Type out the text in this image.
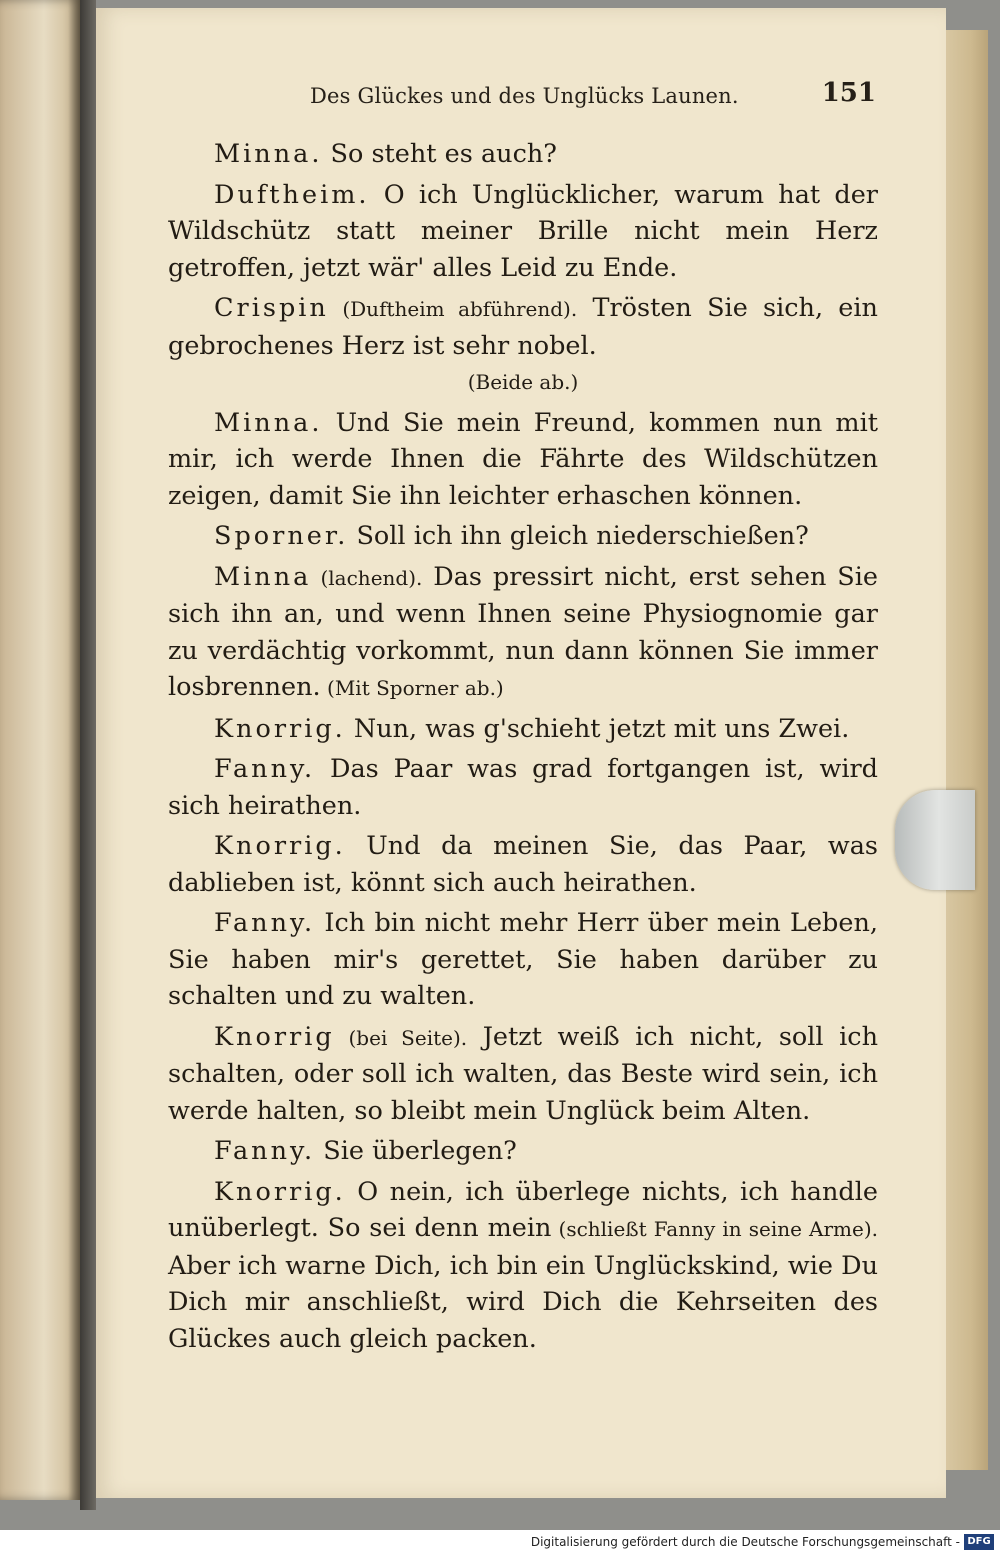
Des Glückes und des Unglücks Launen.	151

Minna. So steht es auch?

Duftheim. O ich Unglücklicher, warum hat der Wildschütz statt meiner Brille nicht mein Herz getroffen, jetzt wär' alles Leid zu Ende.

Crispin (Duftheim abführend). Trösten Sie sich, ein gebrochenes Herz ist sehr nobel.

(Beide ab.)

Minna. Und Sie mein Freund, kommen nun mit mir, ich werde Ihnen die Fährte des Wildschützen zeigen, damit Sie ihn leichter erhaschen können.

Sporner. Soll ich ihn gleich niederschießen?

Minna (lachend). Das pressirt nicht, erst sehen Sie sich ihn an, und wenn Ihnen seine Physiognomie gar zu verdächtig vorkommt, nun dann können Sie immer losbrennen. (Mit Sporner ab.)

Knorrig. Nun, was g'schieht jetzt mit uns Zwei.

Fanny. Das Paar was grad fortgangen ist, wird sich heirathen.

Knorrig. Und da meinen Sie, das Paar, was dablieben ist, könnt sich auch heirathen.

Fanny. Ich bin nicht mehr Herr über mein Leben, Sie haben mir's gerettet, Sie haben darüber zu schalten und zu walten.

Knorrig (bei Seite). Jetzt weiß ich nicht, soll ich schalten, oder soll ich walten, das Beste wird sein, ich werde halten, so bleibt mein Unglück beim Alten.

Fanny. Sie überlegen?

Knorrig. O nein, ich überlege nichts, ich handle unüberlegt. So sei denn mein (schließt Fanny in seine Arme). Aber ich warne Dich, ich bin ein Unglückskind, wie Du Dich mir anschließt, wird Dich die Kehrseiten des Glückes auch gleich packen.

Digitalisierung gefördert durch die Deutsche Forschungsgemeinschaft - DFG
